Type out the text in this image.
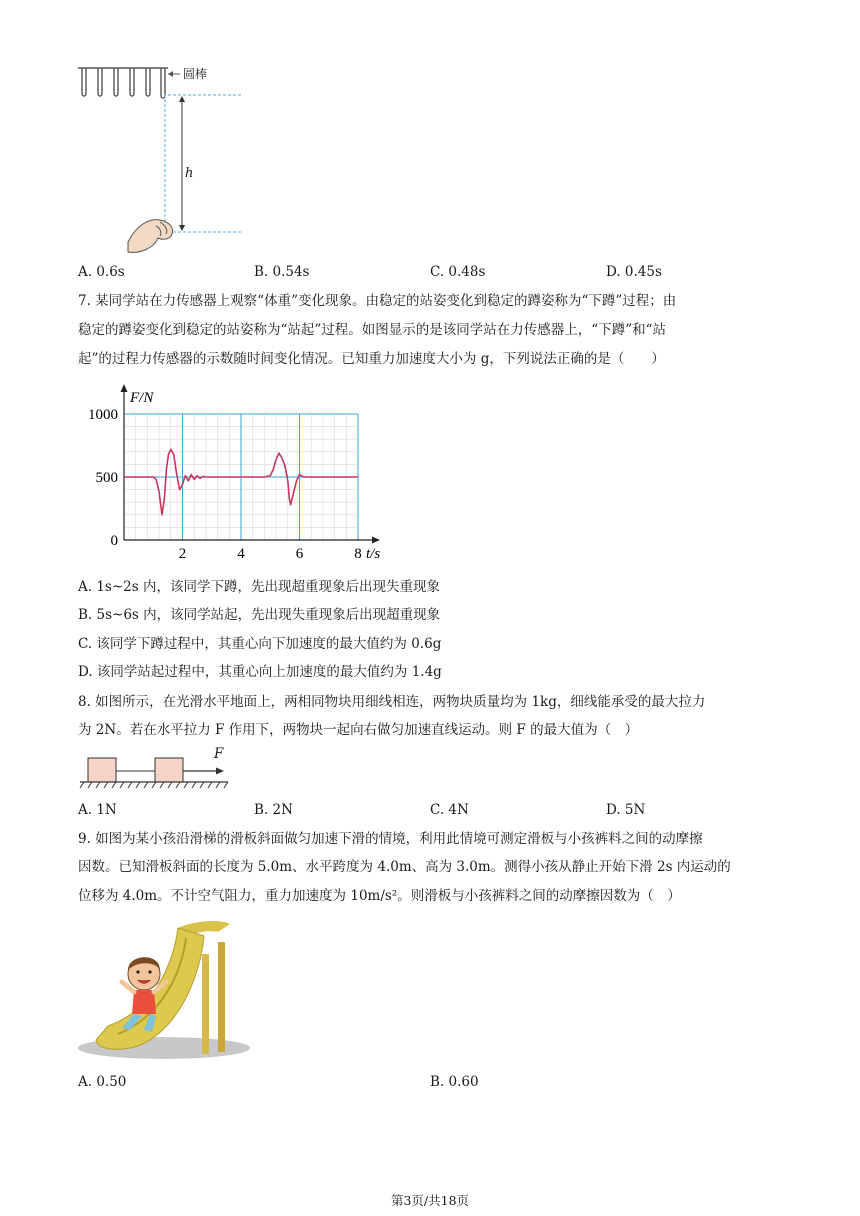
圆棒
h
A. 0.6s	B. 0.54s	C. 0.48s	D. 0.45s
7. 某同学站在力传感器上观察“体重”变化现象。由稳定的站姿变化到稳定的蹲姿称为“下蹲”过程；由
稳定的蹲姿变化到稳定的站姿称为“站起”过程。如图显示的是该同学站在力传感器上，“下蹲”和“站
起”的过程力传感器的示数随时间变化情况。已知重力加速度大小为 g，下列说法正确的是（　　）
2	4	6	8
0
500
1000
F/N
t/s
A. 1s~2s 内，该同学下蹲，先出现超重现象后出现失重现象
B. 5s~6s 内，该同学站起，先出现失重现象后出现超重现象
C. 该同学下蹲过程中，其重心向下加速度的最大值约为 0.6g
D. 该同学站起过程中，其重心向上加速度的最大值约为 1.4g
8. 如图所示，在光滑水平地面上，两相同物块用细线相连，两物块质量均为 1kg，细线能承受的最大拉力
为 2N。若在水平拉力 F 作用下，两物块一起向右做匀加速直线运动。则 F 的最大值为（　）
F
A. 1N	B. 2N	C. 4N	D. 5N
9. 如图为某小孩沿滑梯的滑板斜面做匀加速下滑的情境，利用此情境可测定滑板与小孩裤料之间的动摩擦
因数。已知滑板斜面的长度为 5.0m、水平跨度为 4.0m、高为 3.0m。测得小孩从静止开始下滑 2s 内运动的
位移为 4.0m。不计空气阻力，重力加速度为 10m/s²。则滑板与小孩裤料之间的动摩擦因数为（　）
A. 0.50	B. 0.60
第3页/共18页
